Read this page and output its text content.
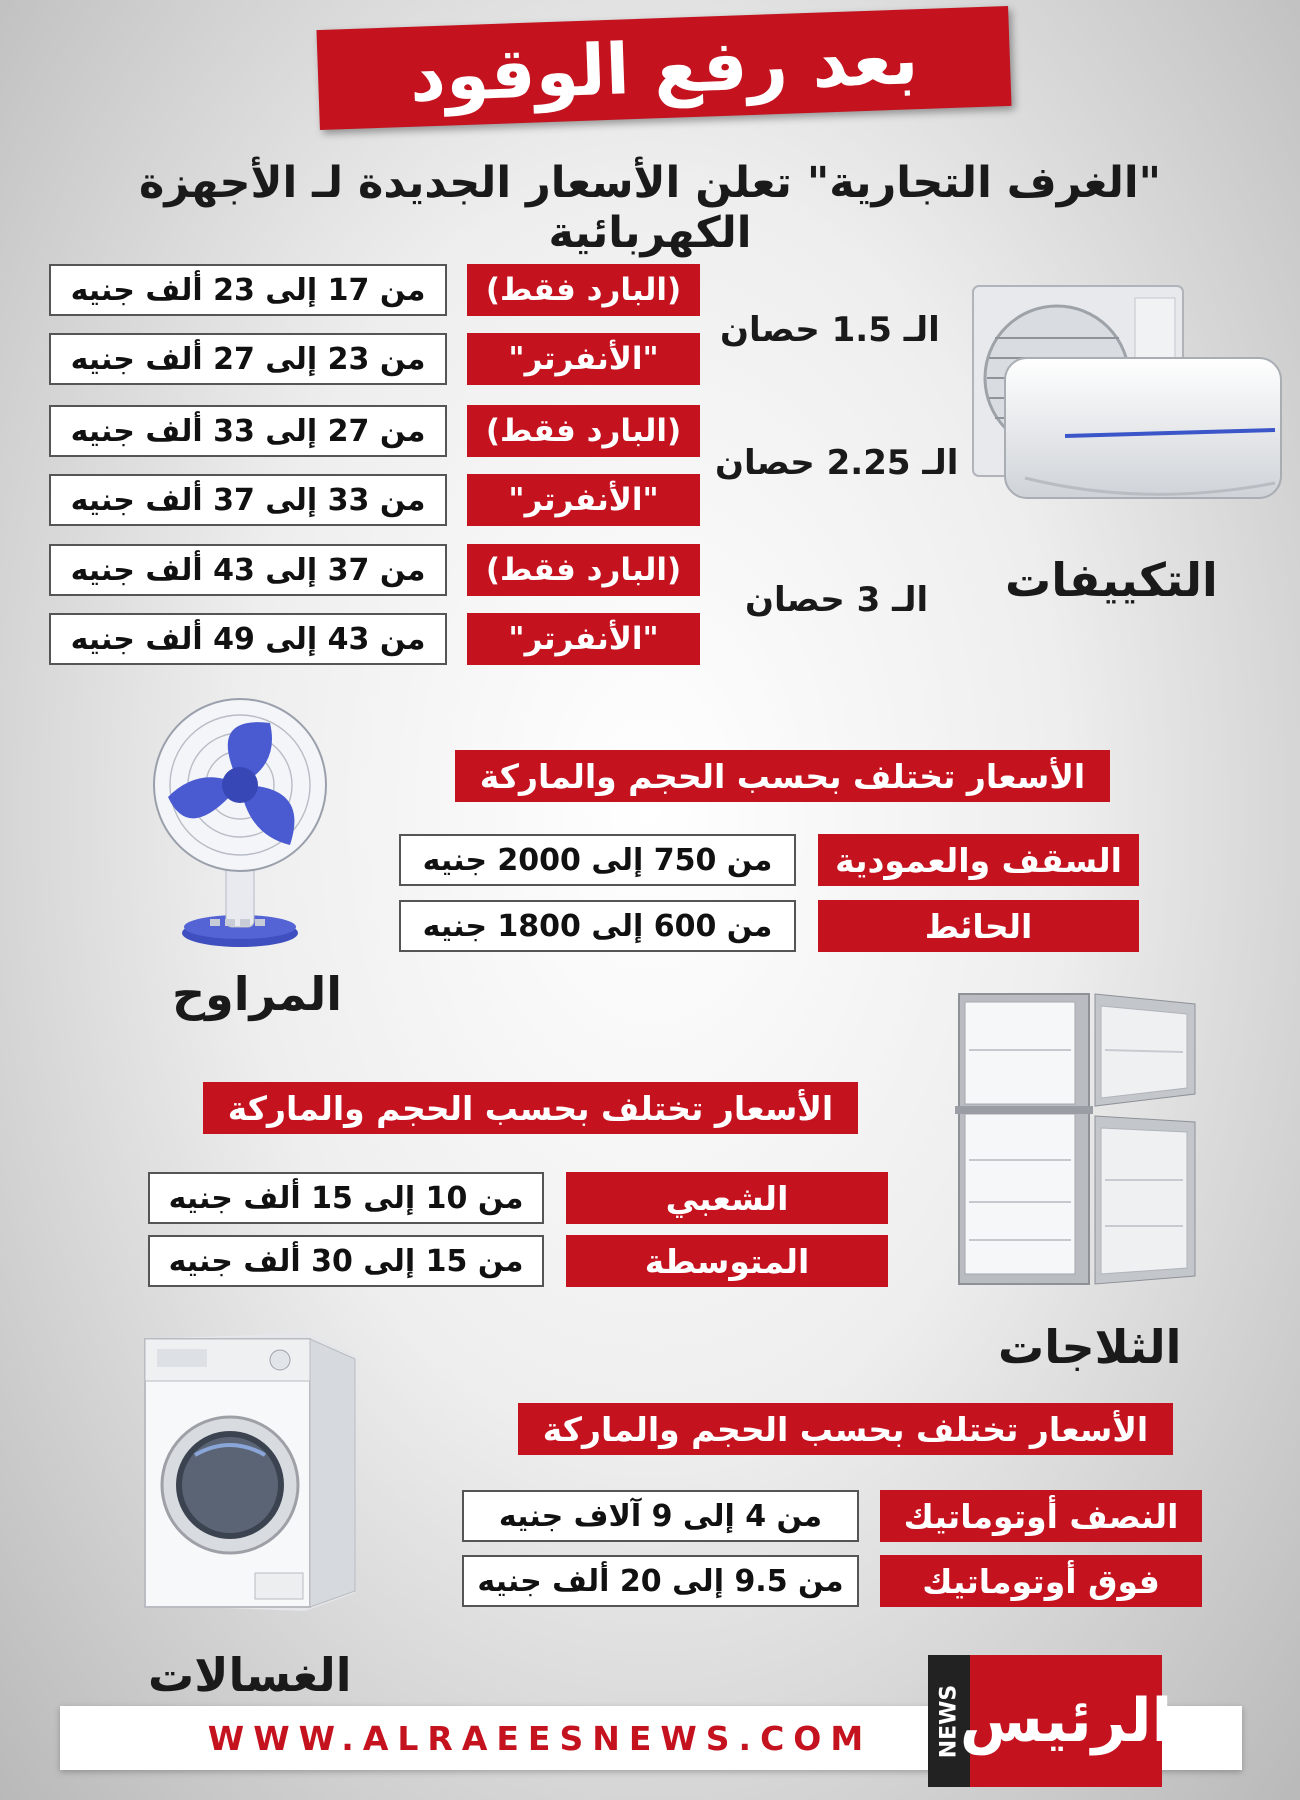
بعد رفع الوقود
"الغرف التجارية" تعلن الأسعار الجديدة لـ الأجهزة الكهربائية
من 17 إلى 23 ألف جنيه	(البارد فقط)
من 23 إلى 27 ألف جنيه	"الأنفرتر"
من 27 إلى 33 ألف جنيه	(البارد فقط)
من 33 إلى 37 ألف جنيه	"الأنفرتر"
من 37 إلى 43 ألف جنيه	(البارد فقط)
من 43 إلى 49 ألف جنيه	"الأنفرتر"
الـ 1.5 حصان
الـ 2.25 حصان
الـ 3 حصان التكييفات
الأسعار تختلف بحسب الحجم والماركة
من 750 إلى 2000 جنيه	السقف والعمودية
من 600 إلى 1800 جنيه	الحائط
المراوح
الأسعار تختلف بحسب الحجم والماركة
من 10 إلى 15 ألف جنيه	الشعبي
من 15 إلى 30 ألف جنيه	المتوسطة
الثلاجات
الأسعار تختلف بحسب الحجم والماركة
من 4 إلى 9 آلاف جنيه	النصف أوتوماتيك
من 9.5 إلى 20 ألف جنيه	فوق أوتوماتيك
الغسالات
WWW.ALRAEESNEWS.COM	NEWS
الرئيس
